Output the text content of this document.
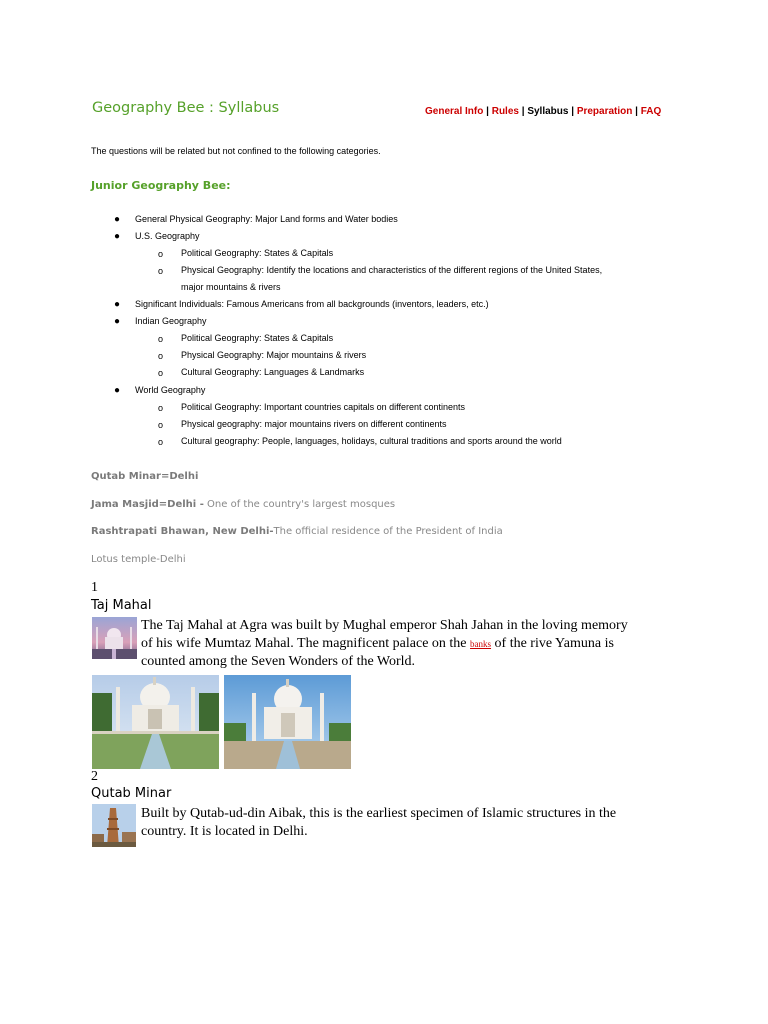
Geography Bee : Syllabus	General Info | Rules | Syllabus | Preparation | FAQ
The questions will be related but not confined to the following categories.
Junior Geography Bee:
● General Physical Geography: Major Land forms and Water bodies
● U.S. Geography
o Political Geography: States & Capitals
o Physical Geography: Identify the locations and characteristics of the different regions of the United States,
major mountains & rivers
● Significant Individuals: Famous Americans from all backgrounds (inventors, leaders, etc.)
● Indian Geography
o Political Geography: States & Capitals
o Physical Geography: Major mountains & rivers
o Cultural Geography: Languages & Landmarks
● World Geography
o Political Geography: Important countries capitals on different continents
o Physical geography: major mountains rivers on different continents
o Cultural geography: People, languages, holidays, cultural traditions and sports around the world
Qutab Minar=Delhi
Jama Masjid=Delhi - One of the country's largest mosques
Rashtrapati Bhawan, New Delhi-The official residence of the President of India
Lotus temple-Delhi
1
Taj Mahal
The Taj Mahal at Agra was built by Mughal emperor Shah Jahan in the loving memory of his wife Mumtaz Mahal. The magnificent palace on the banks of the rive Yamuna is counted among the Seven Wonders of the World.
2
Qutab Minar
Built by Qutab-ud-din Aibak, this is the earliest specimen of Islamic structures in the country. It is located in Delhi.
